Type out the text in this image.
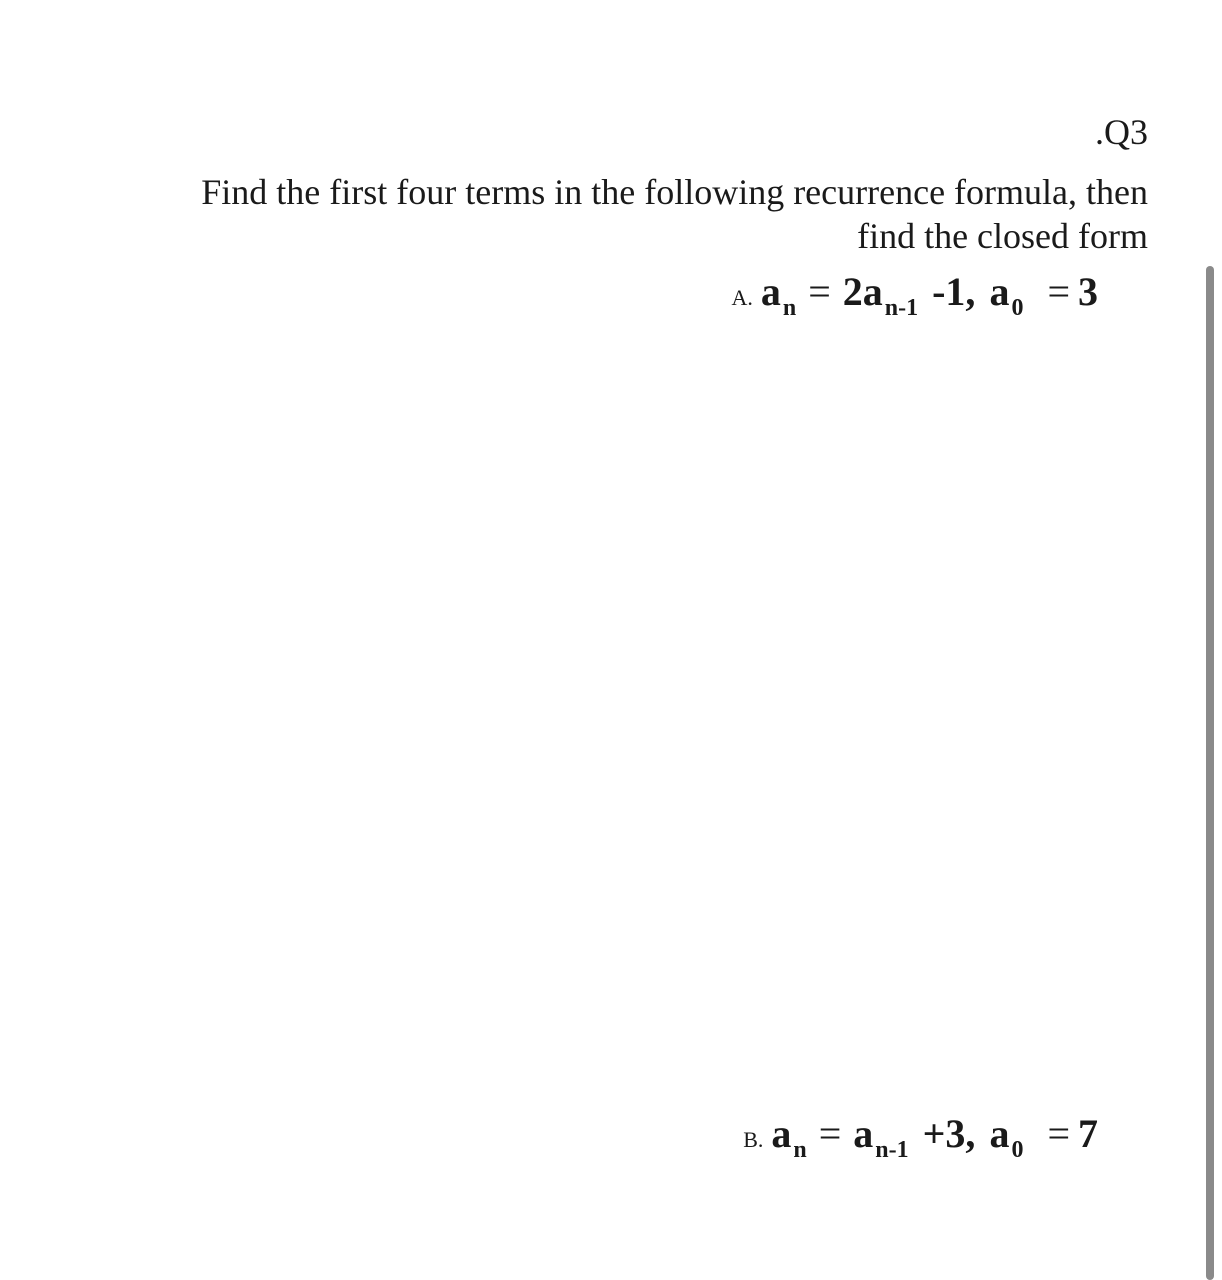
.Q3
Find the first four terms in the following recurrence formula, then
find the closed form
A. $a_n = 2a_{n-1}$ -1, $a_0 = 3$
B. $a_n = a_{n-1} +3$, $a_0 = 7$
